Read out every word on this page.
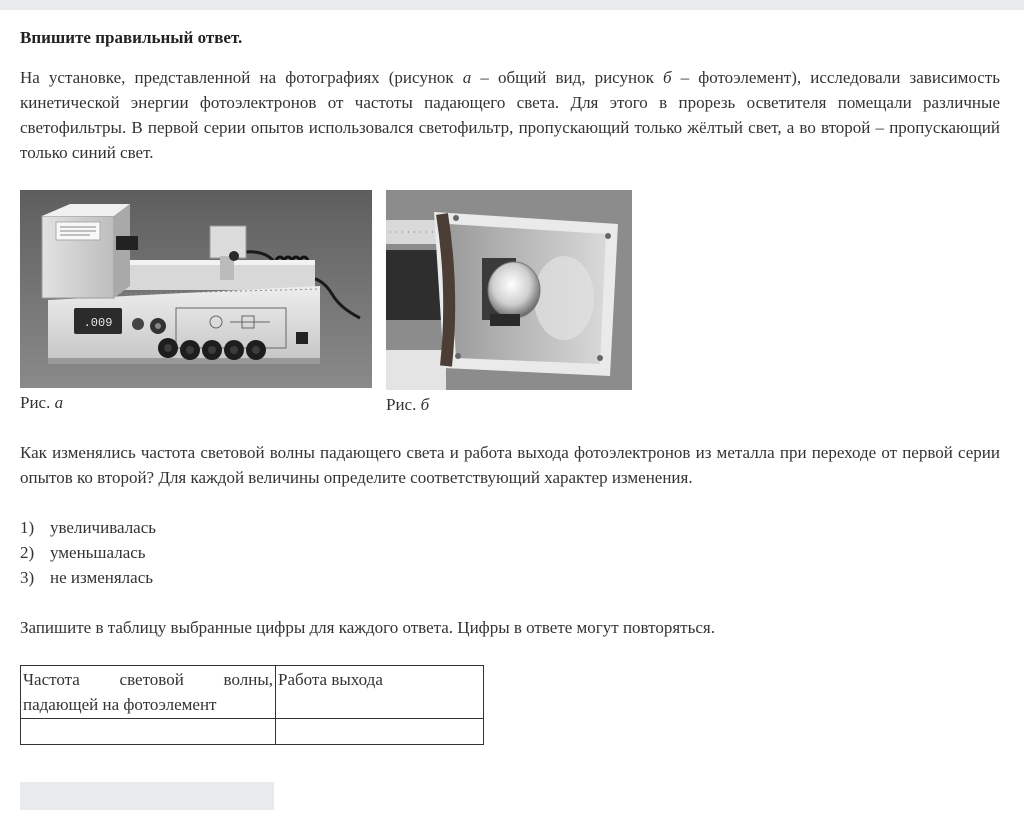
Впишите правильный ответ.

На установке, представленной на фотографиях (рисунок а – общий вид, рисунок б – фотоэлемент), исследовали зависимость кинетической энергии фотоэлектронов от частоты падающего света. Для этого в прорезь осветителя помещали различные светофильтры. В первой серии опытов использовался светофильтр, пропускающий только жёлтый свет, а во второй – пропускающий только синий свет.

.009
Рис. а	Рис. б

Как изменялись частота световой волны падающего света и работа выхода фотоэлектронов из металла при переходе от первой серии опытов ко второй? Для каждой величины определите соответствующий характер изменения.

1) увеличивалась
2) уменьшалась
3) не изменялась

Запишите в таблицу выбранные цифры для каждого ответа. Цифры в ответе могут повторяться.

Частота световой волны, падающей на фотоэлемент	Работа выхода
